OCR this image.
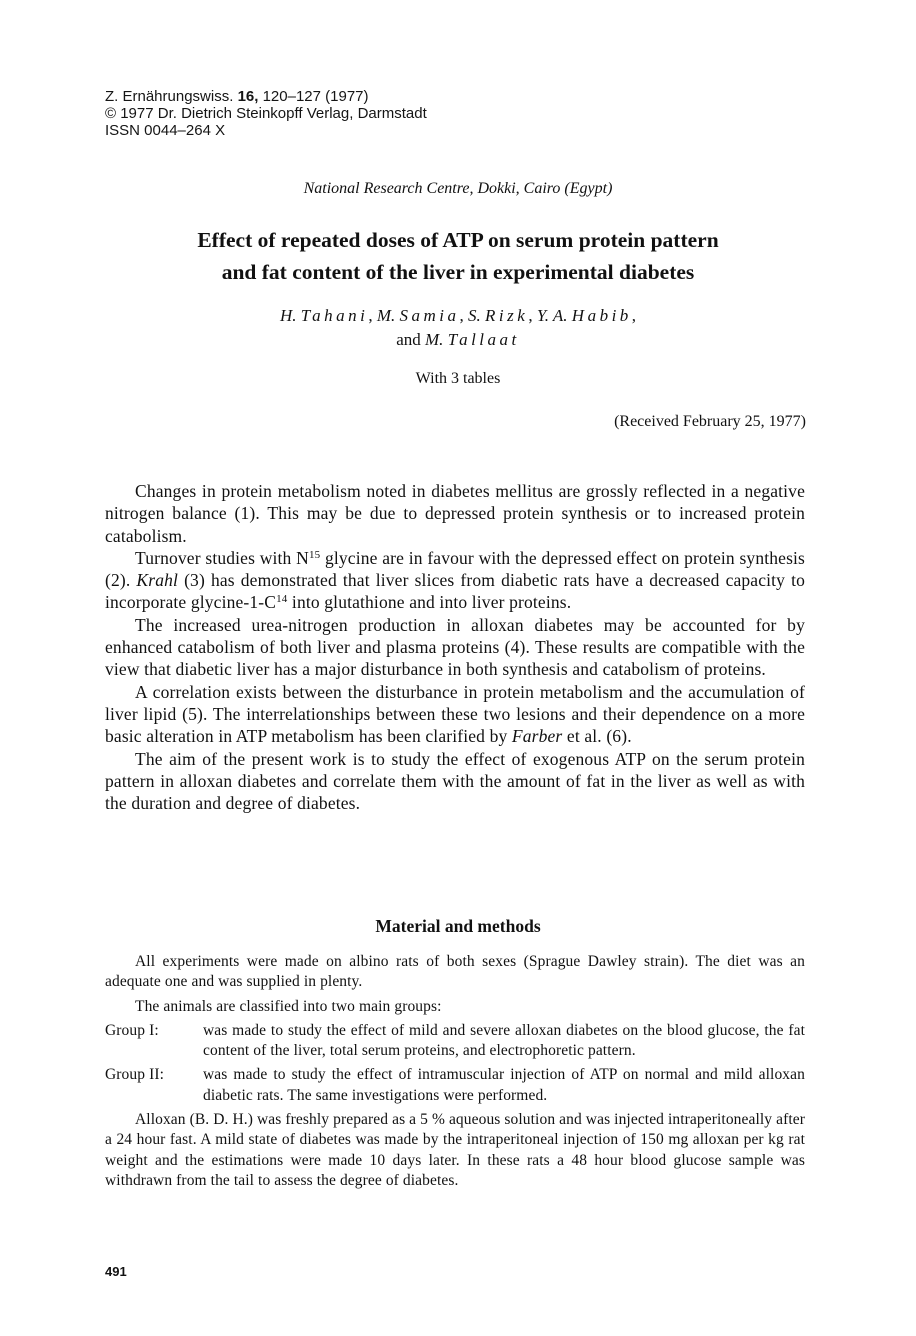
Z. Ernährungswiss. 16, 120–127 (1977)
© 1977 Dr. Dietrich Steinkopff Verlag, Darmstadt
ISSN 0044–264 X
National Research Centre, Dokki, Cairo (Egypt)
Effect of repeated doses of ATP on serum protein pattern
and fat content of the liver in experimental diabetes
H. Tahani, M. Samia, S. Rizk, Y. A. Habib,
and M. Tallaat
With 3 tables
(Received February 25, 1977)

Changes in protein metabolism noted in diabetes mellitus are grossly reflected in a negative nitrogen balance (1). This may be due to depressed protein synthesis or to increased protein catabolism.

Turnover studies with $N^{15}$ glycine are in favour with the depressed effect on protein synthesis (2). Krahl (3) has demonstrated that liver slices from diabetic rats have a decreased capacity to incorporate glycine-$1-C^{14}$ into glutathione and into liver proteins.

The increased urea-nitrogen production in alloxan diabetes may be accounted for by enhanced catabolism of both liver and plasma proteins (4). These results are compatible with the view that diabetic liver has a major disturbance in both synthesis and catabolism of proteins.

A correlation exists between the disturbance in protein metabolism and the accumulation of liver lipid (5). The interrelationships between these two lesions and their dependence on a more basic alteration in ATP metabolism has been clarified by Farber et al. (6).

The aim of the present work is to study the effect of exogenous ATP on the serum protein pattern in alloxan diabetes and correlate them with the amount of fat in the liver as well as with the duration and degree of diabetes.

Material and methods

All experiments were made on albino rats of both sexes (Sprague Dawley strain). The diet was an adequate one and was supplied in plenty.

The animals are classified into two main groups:

Group I:	was made to study the effect of mild and severe alloxan diabetes on the blood glucose, the fat content of the liver, total serum proteins, and electrophoretic pattern.
Group II:	was made to study the effect of intramuscular injection of ATP on normal and mild alloxan diabetic rats. The same investigations were performed.

Alloxan (B. D. H.) was freshly prepared as a 5 % aqueous solution and was injected intraperitoneally after a 24 hour fast. A mild state of diabetes was made by the intraperitoneal injection of 150 mg alloxan per kg rat weight and the estimations were made 10 days later. In these rats a 48 hour blood glucose sample was withdrawn from the tail to assess the degree of diabetes.

491
